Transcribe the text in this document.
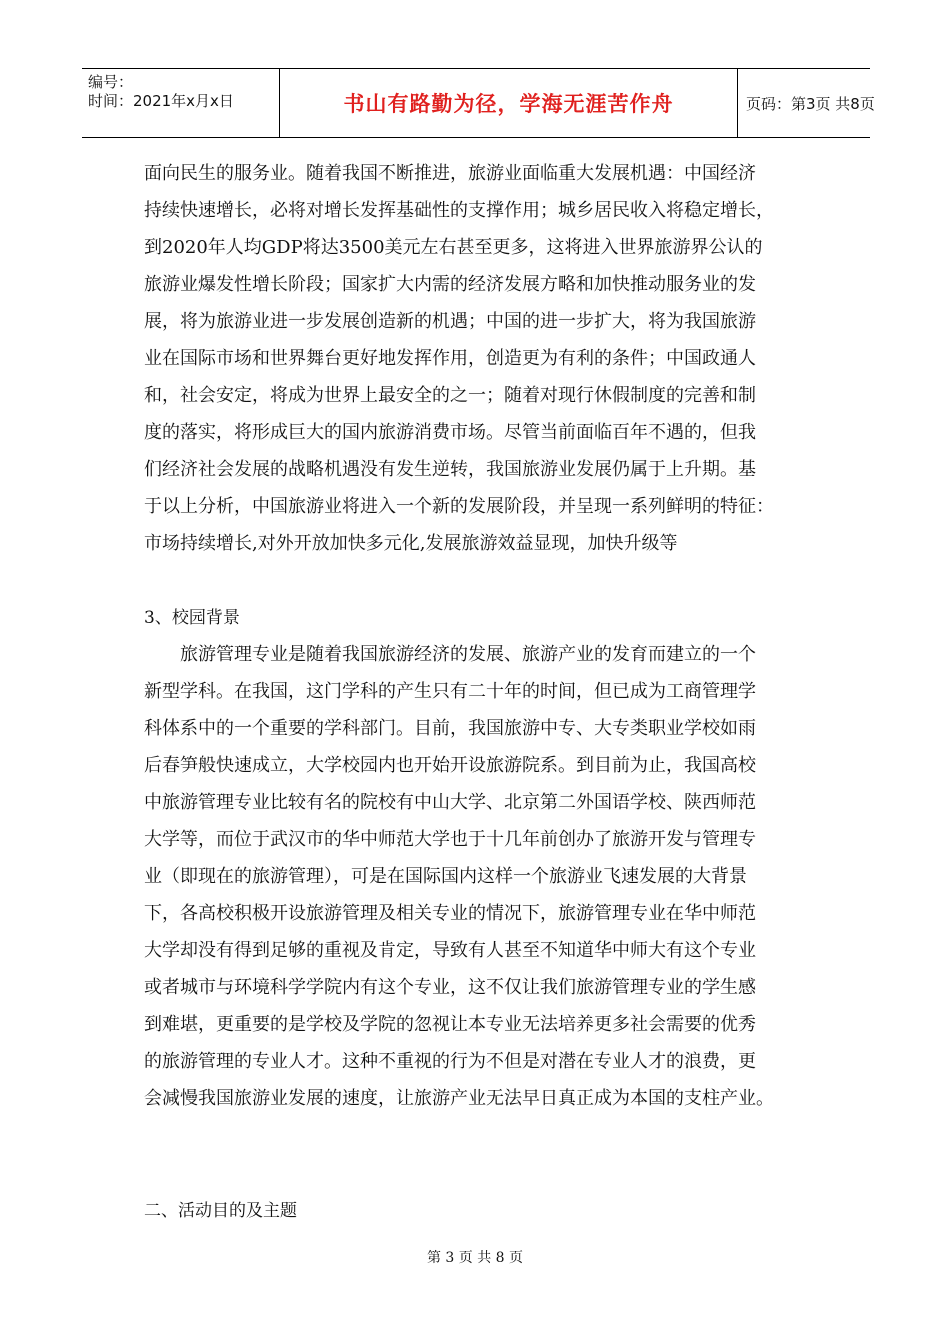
编号：
时间：2021年x月x日	书山有路勤为径，学海无涯苦作舟	页码：第3页 共8页
面向民生的服务业。随着我国不断推进，旅游业面临重大发展机遇：中国经济
持续快速增长，必将对增长发挥基础性的支撑作用；城乡居民收入将稳定增长，
到2020年人均GDP将达3500美元左右甚至更多，这将进入世界旅游界公认的
旅游业爆发性增长阶段；国家扩大内需的经济发展方略和加快推动服务业的发
展，将为旅游业进一步发展创造新的机遇；中国的进一步扩大，将为我国旅游
业在国际市场和世界舞台更好地发挥作用，创造更为有利的条件；中国政通人
和，社会安定，将成为世界上最安全的之一；随着对现行休假制度的完善和制
度的落实，将形成巨大的国内旅游消费市场。尽管当前面临百年不遇的，但我
们经济社会发展的战略机遇没有发生逆转，我国旅游业发展仍属于上升期。基
于以上分析，中国旅游业将进入一个新的发展阶段，并呈现一系列鲜明的特征：
市场持续增长,对外开放加快多元化,发展旅游效益显现，加快升级等
3、校园背景
　　旅游管理专业是随着我国旅游经济的发展、旅游产业的发育而建立的一个
新型学科。在我国，这门学科的产生只有二十年的时间，但已成为工商管理学
科体系中的一个重要的学科部门。目前，我国旅游中专、大专类职业学校如雨
后春笋般快速成立，大学校园内也开始开设旅游院系。到目前为止，我国高校
中旅游管理专业比较有名的院校有中山大学、北京第二外国语学校、陕西师范
大学等，而位于武汉市的华中师范大学也于十几年前创办了旅游开发与管理专
业（即现在的旅游管理），可是在国际国内这样一个旅游业飞速发展的大背景
下，各高校积极开设旅游管理及相关专业的情况下，旅游管理专业在华中师范
大学却没有得到足够的重视及肯定，导致有人甚至不知道华中师大有这个专业
或者城市与环境科学学院内有这个专业，这不仅让我们旅游管理专业的学生感
到难堪，更重要的是学校及学院的忽视让本专业无法培养更多社会需要的优秀
的旅游管理的专业人才。这种不重视的行为不但是对潜在专业人才的浪费，更
会减慢我国旅游业发展的速度，让旅游产业无法早日真正成为本国的支柱产业。
二、活动目的及主题
第 3 页 共 8 页
